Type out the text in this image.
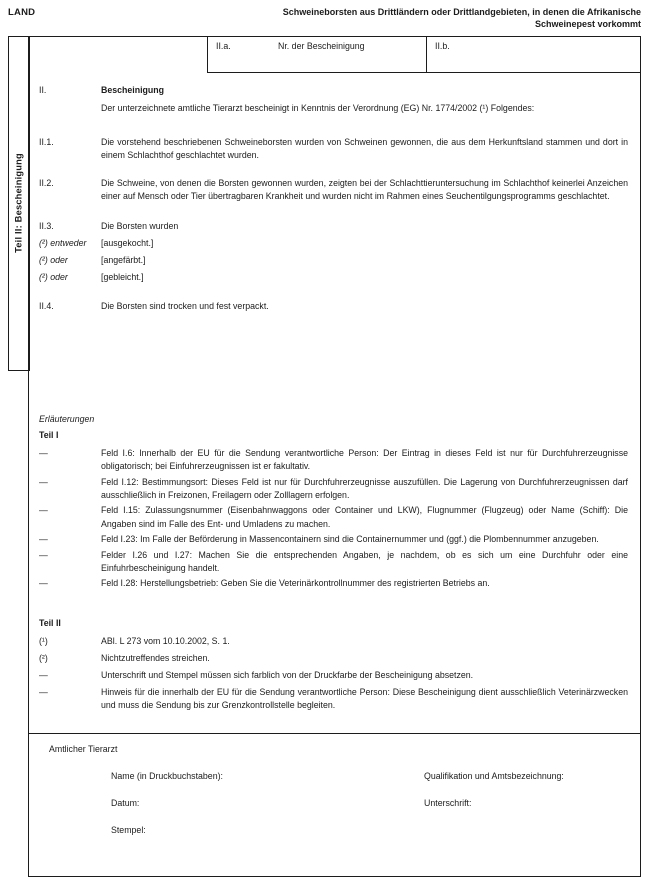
LAND	Schweineborsten aus Drittländern oder Drittlandgebieten, in denen die Afrikanische
Schweinepest vorkommt
Teil II: Bescheinigung
II.a.	Nr. der Bescheinigung	II.b.
II.	Bescheinigung
Der unterzeichnete amtliche Tierarzt bescheinigt in Kenntnis der Verordnung (EG) Nr. 1774/2002 (¹) Folgendes:
II.1.	Die vorstehend beschriebenen Schweineborsten wurden von Schweinen gewonnen, die aus dem Herkunftsland stammen und dort in einem Schlachthof geschlachtet wurden.
II.2.	Die Schweine, von denen die Borsten gewonnen wurden, zeigten bei der Schlachttieruntersuchung im Schlachthof keinerlei Anzeichen einer auf Mensch oder Tier übertragbaren Krankheit und wurden nicht im Rahmen eines Seuchentilgungsprogramms geschlachtet.
II.3.	Die Borsten wurden
(²) entweder	[ausgekocht.]
(²) oder	[angefärbt.]
(²) oder	[gebleicht.]
II.4.	Die Borsten sind trocken und fest verpackt.
Erläuterungen
Teil I
—	Feld I.6: Innerhalb der EU für die Sendung verantwortliche Person: Der Eintrag in dieses Feld ist nur für Durchfuhrerzeugnisse obligatorisch; bei Einfuhrerzeugnissen ist er fakultativ.
—	Feld I.12: Bestimmungsort: Dieses Feld ist nur für Durchfuhrerzeugnisse auszufüllen. Die Lagerung von Durchfuhrerzeugnissen darf ausschließlich in Freizonen, Freilagern oder Zolllagern erfolgen.
—	Feld I.15: Zulassungsnummer (Eisenbahnwaggons oder Container und LKW), Flugnummer (Flugzeug) oder Name (Schiff): Die Angaben sind im Falle des Ent- und Umladens zu machen.
—	Feld I.23: Im Falle der Beförderung in Massencontainern sind die Containernummer und (ggf.) die Plombennummer anzugeben.
—	Felder I.26 und I.27: Machen Sie die entsprechenden Angaben, je nachdem, ob es sich um eine Durchfuhr oder eine Einfuhrbescheinigung handelt.
—	Feld I.28: Herstellungsbetrieb: Geben Sie die Veterinärkontrollnummer des registrierten Betriebs an.
Teil II
(¹)	ABl. L 273 vom 10.10.2002, S. 1.
(²)	Nichtzutreffendes streichen.
—	Unterschrift und Stempel müssen sich farblich von der Druckfarbe der Bescheinigung absetzen.
—	Hinweis für die innerhalb der EU für die Sendung verantwortliche Person: Diese Bescheinigung dient ausschließlich Veterinärzwecken und muss die Sendung bis zur Grenzkontrollstelle begleiten.
Amtlicher Tierarzt
Name (in Druckbuchstaben):	Qualifikation und Amtsbezeichnung:
Datum:	Unterschrift:
Stempel:
